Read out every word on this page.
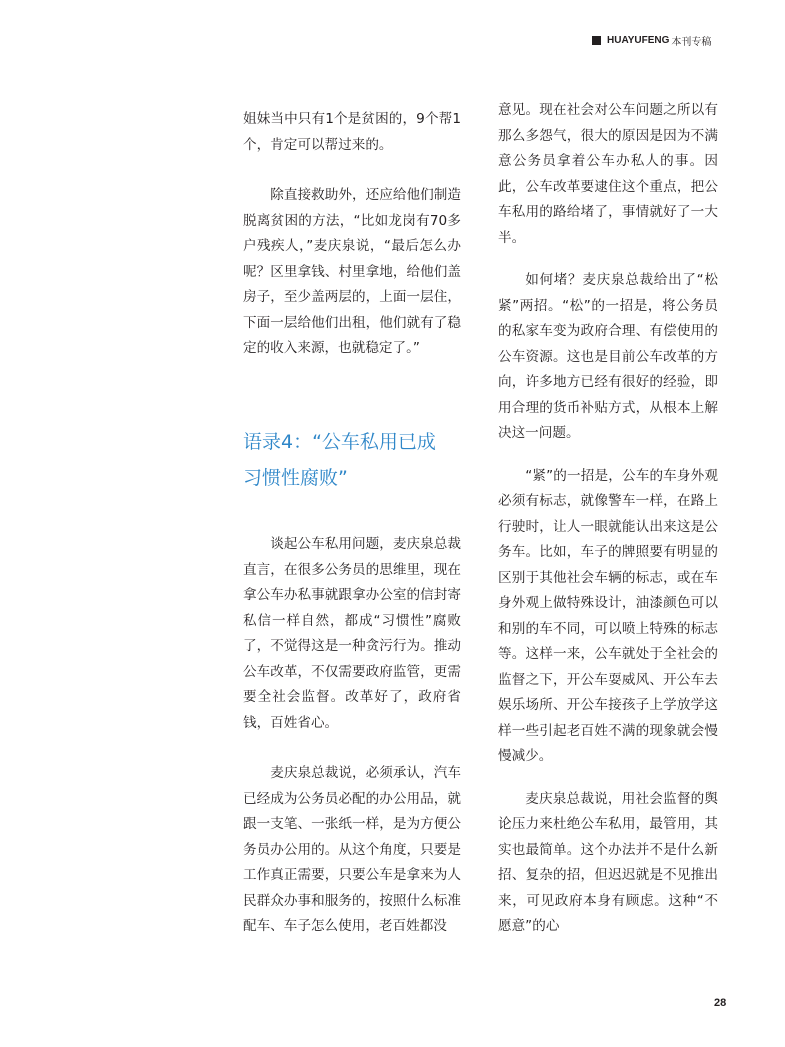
HUAYUFENG 本刊专稿

姐妹当中只有1个是贫困的，9个帮1个，肯定可以帮过来的。

除直接救助外，还应给他们制造脱离贫困的方法，“比如龙岗有70多户残疾人，”麦庆泉说，“最后怎么办呢？区里拿钱、村里拿地，给他们盖房子，至少盖两层的，上面一层住，下面一层给他们出租，他们就有了稳定的收入来源，也就稳定了。”

语录4：“公车私用已成
习惯性腐败”

谈起公车私用问题，麦庆泉总裁直言，在很多公务员的思维里，现在拿公车办私事就跟拿办公室的信封寄私信一样自然，都成“习惯性”腐败了，不觉得这是一种贪污行为。推动公车改革，不仅需要政府监管，更需要全社会监督。改革好了，政府省钱，百姓省心。

麦庆泉总裁说，必须承认，汽车已经成为公务员必配的办公用品，就跟一支笔、一张纸一样，是为方便公务员办公用的。从这个角度，只要是工作真正需要，只要公车是拿来为人民群众办事和服务的，按照什么标准配车、车子怎么使用，老百姓都没

意见。现在社会对公车问题之所以有那么多怨气，很大的原因是因为不满意公务员拿着公车办私人的事。因此，公车改革要逮住这个重点，把公车私用的路给堵了，事情就好了一大半。

如何堵？麦庆泉总裁给出了“松紧”两招。“松”的一招是，将公务员的私家车变为政府合理、有偿使用的公车资源。这也是目前公车改革的方向，许多地方已经有很好的经验，即用合理的货币补贴方式，从根本上解决这一问题。

“紧”的一招是，公车的车身外观必须有标志，就像警车一样，在路上行驶时，让人一眼就能认出来这是公务车。比如，车子的牌照要有明显的区别于其他社会车辆的标志，或在车身外观上做特殊设计，油漆颜色可以和别的车不同，可以喷上特殊的标志等。这样一来，公车就处于全社会的监督之下，开公车耍威风、开公车去娱乐场所、开公车接孩子上学放学这样一些引起老百姓不满的现象就会慢慢减少。

麦庆泉总裁说，用社会监督的舆论压力来杜绝公车私用，最管用，其实也最简单。这个办法并不是什么新招、复杂的招，但迟迟就是不见推出来，可见政府本身有顾虑。这种“不愿意”的心

28
